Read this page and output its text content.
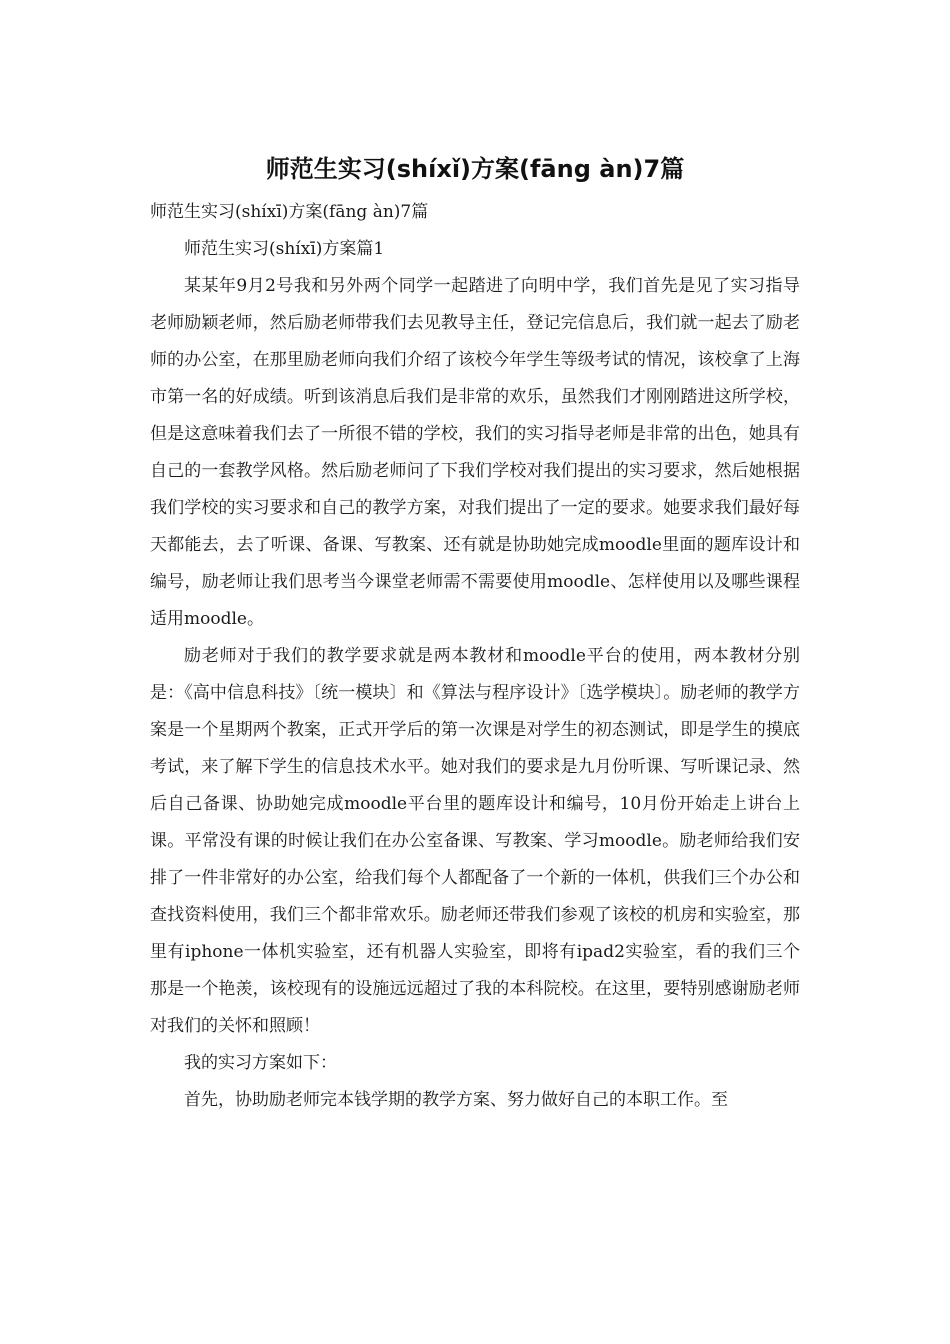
师范生实习(shíxǐ)方案(fāng àn)7篇

师范生实习(shíxī)方案(fāng àn)7篇

师范生实习(shíxī)方案篇1

某某年9月2号我和另外两个同学一起踏进了向明中学，我们首先是见了实习指导老师励颖老师，然后励老师带我们去见教导主任，登记完信息后，我们就一起去了励老师的办公室，在那里励老师向我们介绍了该校今年学生等级考试的情况，该校拿了上海市第一名的好成绩。听到该消息后我们是非常的欢乐，虽然我们才刚刚踏进这所学校，但是这意味着我们去了一所很不错的学校，我们的实习指导老师是非常的出色，她具有自己的一套教学风格。然后励老师问了下我们学校对我们提出的实习要求，然后她根据我们学校的实习要求和自己的教学方案，对我们提出了一定的要求。她要求我们最好每天都能去，去了听课、备课、写教案、还有就是协助她完成moodle里面的题库设计和编号，励老师让我们思考当今课堂老师需不需要使用moodle、怎样使用以及哪些课程适用moodle。

励老师对于我们的教学要求就是两本教材和moodle平台的使用，两本教材分别是：《高中信息科技》〔统一模块〕和《算法与程序设计》〔选学模块〕。励老师的教学方案是一个星期两个教案，正式开学后的第一次课是对学生的初态测试，即是学生的摸底考试，来了解下学生的信息技术水平。她对我们的要求是九月份听课、写听课记录、然后自己备课、协助她完成moodle平台里的题库设计和编号，10月份开始走上讲台上课。平常没有课的时候让我们在办公室备课、写教案、学习moodle。励老师给我们安排了一件非常好的办公室，给我们每个人都配备了一个新的一体机，供我们三个办公和查找资料使用，我们三个都非常欢乐。励老师还带我们参观了该校的机房和实验室，那里有iphone一体机实验室，还有机器人实验室，即将有ipad2实验室，看的我们三个那是一个艳羡，该校现有的设施远远超过了我的本科院校。在这里，要特别感谢励老师对我们的关怀和照顾！

我的实习方案如下：

首先，协助励老师完本钱学期的教学方案、努力做好自己的本职工作。至
